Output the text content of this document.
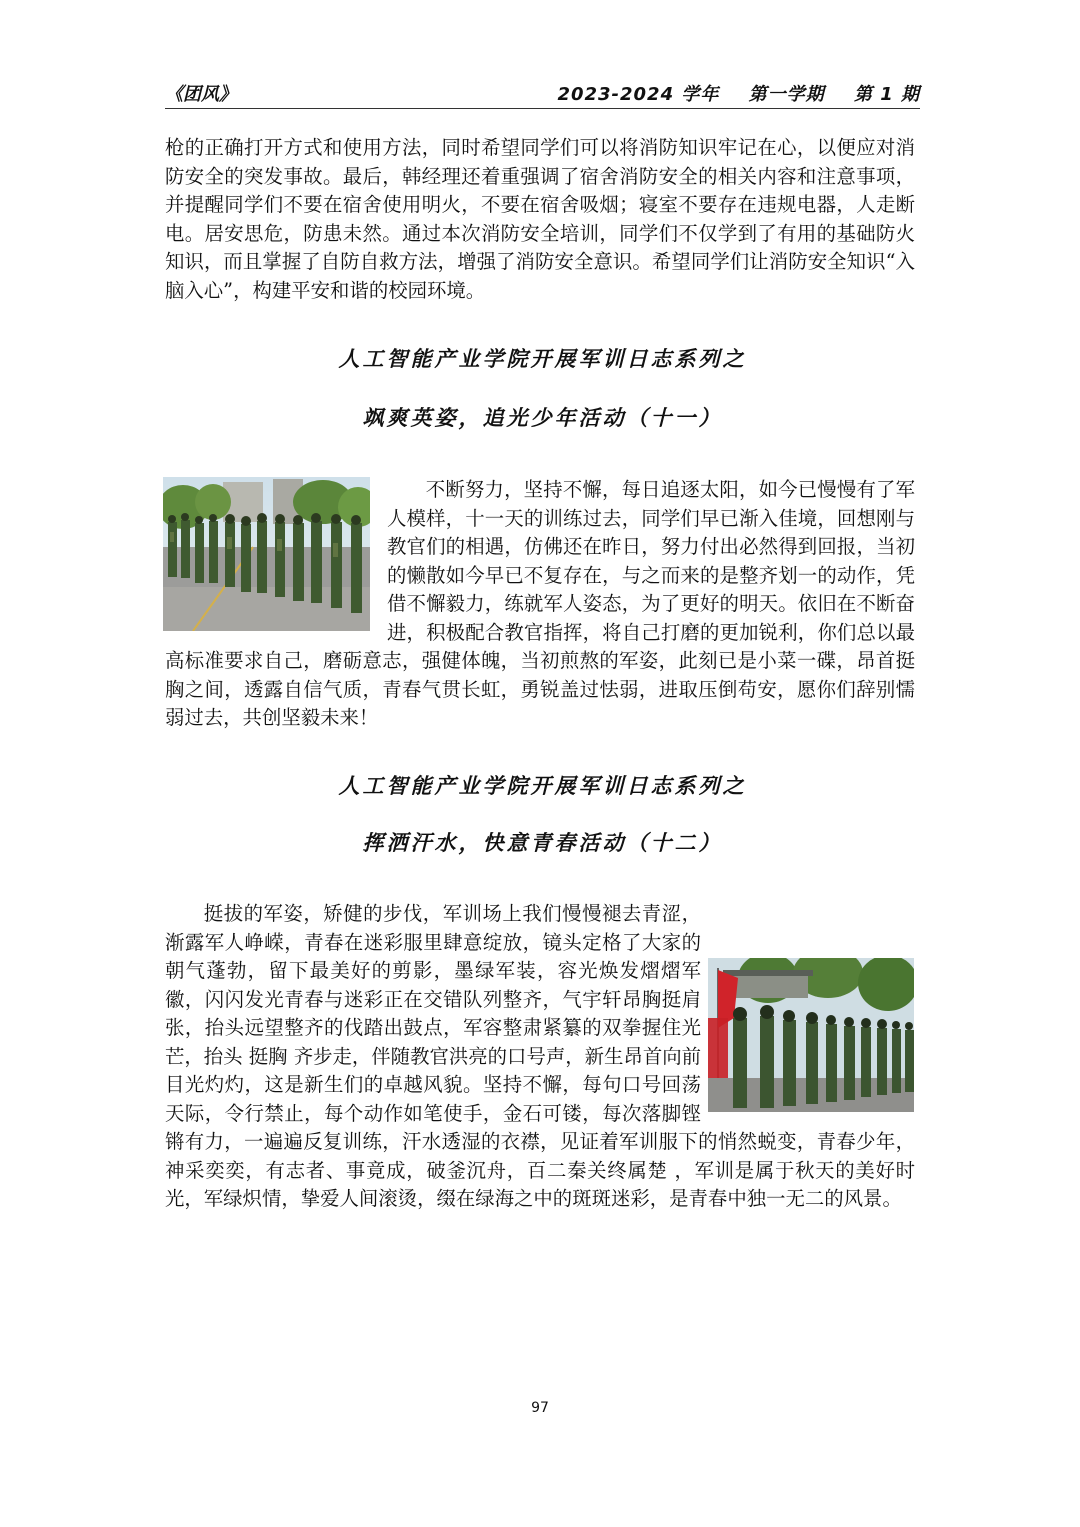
《团风》	2023-2024 学年 第一学期 第 1 期

枪的正确打开方式和使用方法，同时希望同学们可以将消防知识牢记在心，以便应对消防安全的突发事故。最后，韩经理还着重强调了宿舍消防安全的相关内容和注意事项，并提醒同学们不要在宿舍使用明火，不要在宿舍吸烟；寝室不要存在违规电器，人走断电。居安思危，防患未然。通过本次消防安全培训，同学们不仅学到了有用的基础防火知识，而且掌握了自防自救方法，增强了消防安全意识。希望同学们让消防安全知识“入脑入心”，构建平安和谐的校园环境。

人工智能产业学院开展军训日志系列之
飒爽英姿，追光少年活动（十一）
不断努力，坚持不懈，每日追逐太阳，如今已慢慢有了军人模样，十一天的训练过去，同学们早已渐入佳境，回想刚与教官们的相遇，仿佛还在昨日，努力付出必然得到回报，当初的懒散如今早已不复存在，与之而来的是整齐划一的动作，凭借不懈毅力，练就军人姿态，为了更好的明天。依旧在不断奋进，积极配合教官指挥，将自己打磨的更加锐利，你们总以最高标准要求自己，磨砺意志，强健体魄，当初煎熬的军姿，此刻已是小菜一碟，昂首挺胸之间，透露自信气质，青春气贯长虹，勇锐盖过怯弱，进取压倒苟安，愿你们辞别懦弱过去，共创坚毅未来！
人工智能产业学院开展军训日志系列之
挥洒汗水，快意青春活动（十二）
挺拔的军姿，矫健的步伐，军训场上我们慢慢褪去青涩，渐露军人峥嵘，青春在迷彩服里肆意绽放，镜头定格了大家的朝气蓬勃，留下最美好的剪影，墨绿军装，容光焕发熠熠军徽，闪闪发光青春与迷彩正在交错队列整齐，气宇轩昂胸挺肩张，抬头远望整齐的伐踏出鼓点，军容整肃紧纂的双拳握住光芒，抬头 挺胸 齐步走，伴随教官洪亮的口号声，新生昂首向前 目光灼灼，这是新生们的卓越风貌。坚持不懈，每句口号回荡天际，令行禁止，每个动作如笔使手，金石可镂，每次落脚铿锵有力，一遍遍反复训练，汗水透湿的衣襟，见证着军训服下的悄然蜕变，青春少年，神采奕奕，有志者、事竟成，破釜沉舟，百二秦关终属楚 ，军训是属于秋天的美好时光，军绿炽情，挚爱人间滚烫，缀在绿海之中的斑斑迷彩，是青春中独一无二的风景。
97
